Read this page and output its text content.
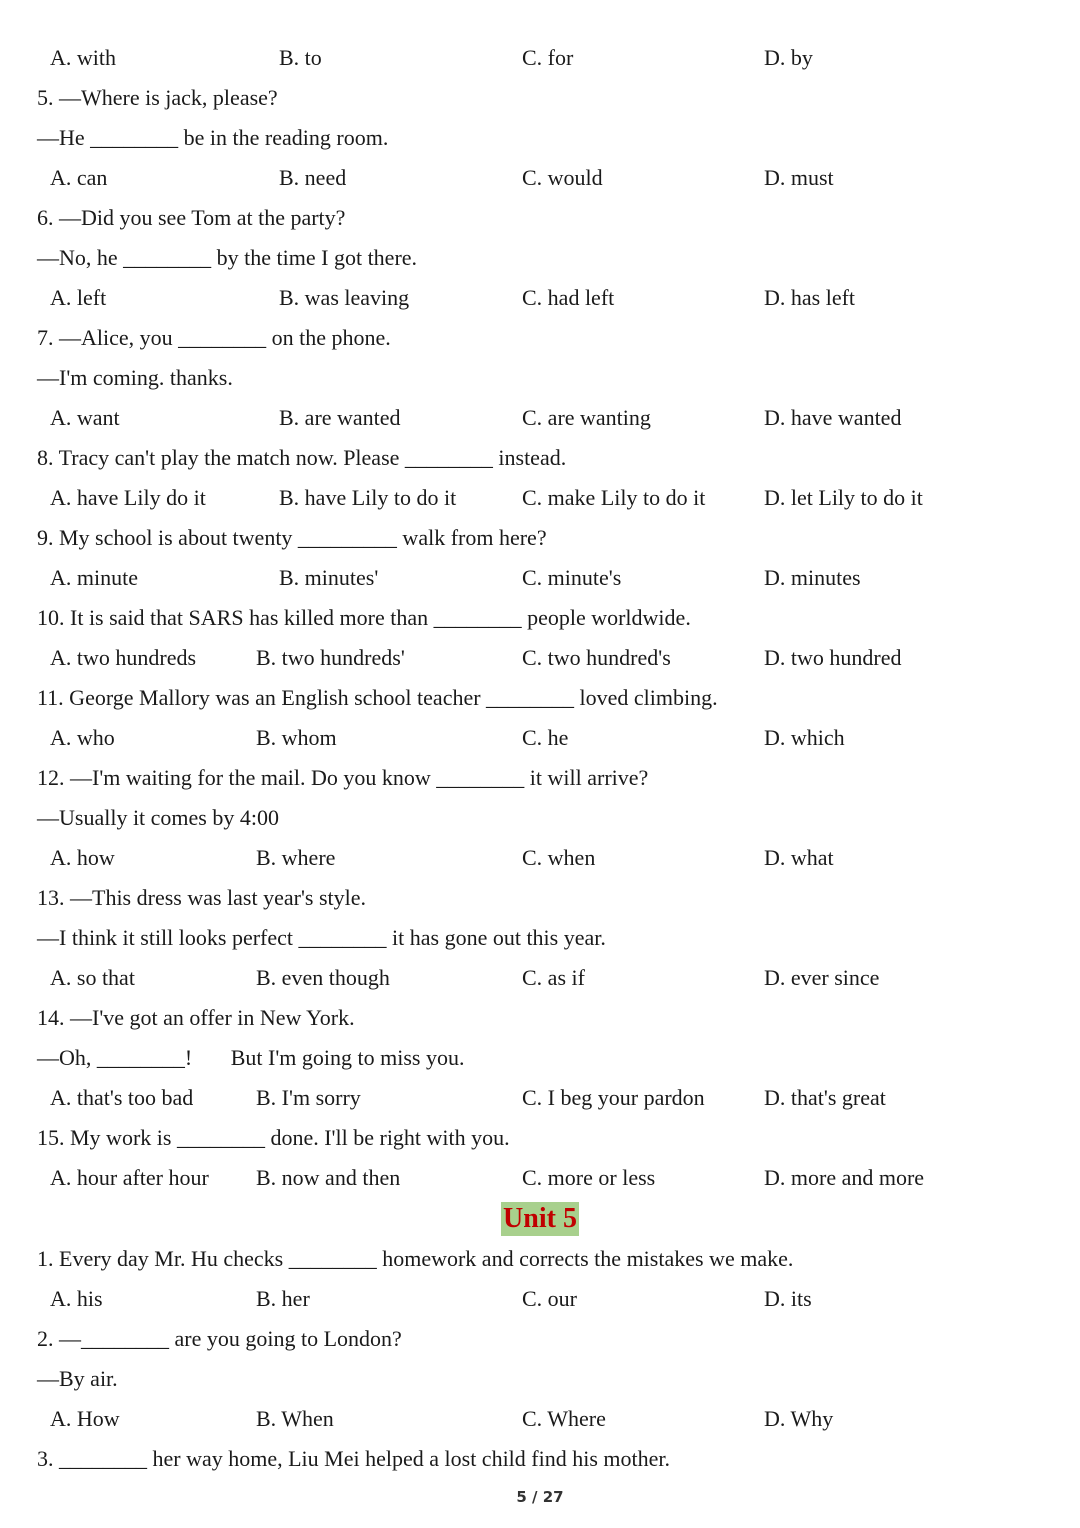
A. with	B. to	C. for	D. by
5. —Where is jack, please?
—He ________ be in the reading room.
A. can	B. need	C. would	D. must
6. —Did you see Tom at the party?
—No, he ________ by the time I got there.
A. left	B. was leaving	C. had left	D. has left
7. —Alice, you ________ on the phone.
—I'm coming. thanks.
A. want	B. are wanted	C. are wanting	D. have wanted
8. Tracy can't play the match now. Please ________ instead.
A. have Lily do it	B. have Lily to do it	C. make Lily to do it	D. let Lily to do it
9. My school is about twenty _________ walk from here?
A. minute	B. minutes'	C. minute's	D. minutes
10. It is said that SARS has killed more than ________ people worldwide.
A. two hundreds	B. two hundreds'	C. two hundred's	D. two hundred
11. George Mallory was an English school teacher ________ loved climbing.
A. who	B. whom	C. he	D. which
12. —I'm waiting for the mail. Do you know ________ it will arrive?
—Usually it comes by 4:00
A. how	B. where	C. when	D. what
13. —This dress was last year's style.
—I think it still looks perfect ________ it has gone out this year.
A. so that	B. even though	C. as if	D. ever since
14. —I've got an offer in New York.
—Oh, ________!       But I'm going to miss you.
A. that's too bad	B. I'm sorry	C. I beg your pardon	D. that's great
15. My work is ________ done. I'll be right with you.
A. hour after hour B. now and then	C. more or less	D. more and more
Unit 5
1. Every day Mr. Hu checks ________ homework and corrects the mistakes we make.
A. his	B. her	C. our	D. its
2. —________ are you going to London?
—By air.
A. How	B. When	C. Where	D. Why
3. ________ her way home, Liu Mei helped a lost child find his mother.
5 / 27
